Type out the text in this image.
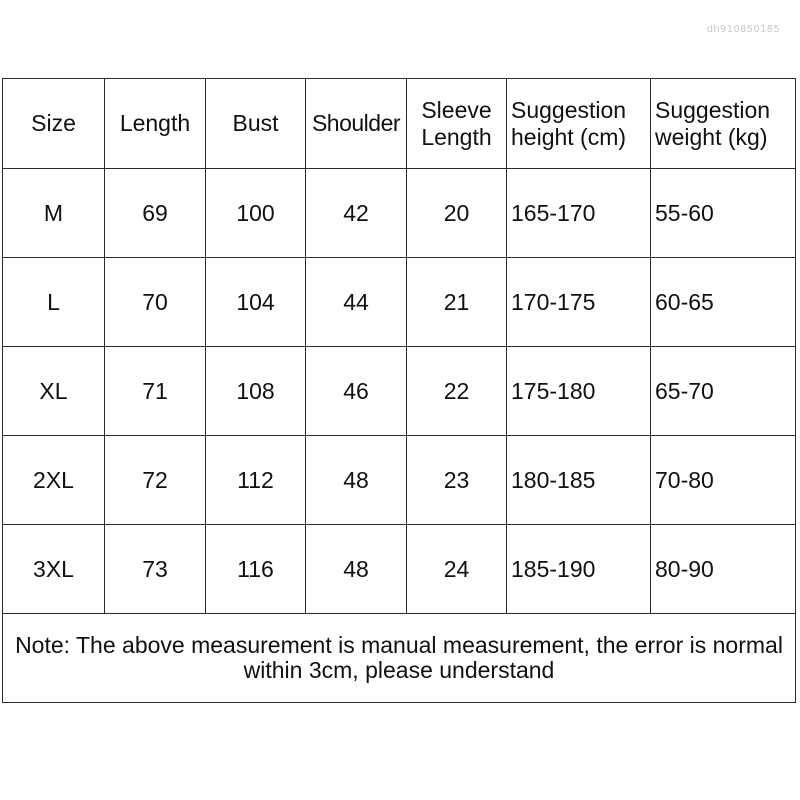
dh910850185
Size	Length	Bust	Shoulder	Sleeve Length	Suggestion height (cm)	Suggestion weight (kg)
M	69	100	42	20	165-170	55-60
L	70	104	44	21	170-175	60-65
XL	71	108	46	22	175-180	65-70
2XL	72	112	48	23	180-185	70-80
3XL	73	116	48	24	185-190	80-90
Note: The above measurement is manual measurement, the error is normal within 3cm, please understand						
